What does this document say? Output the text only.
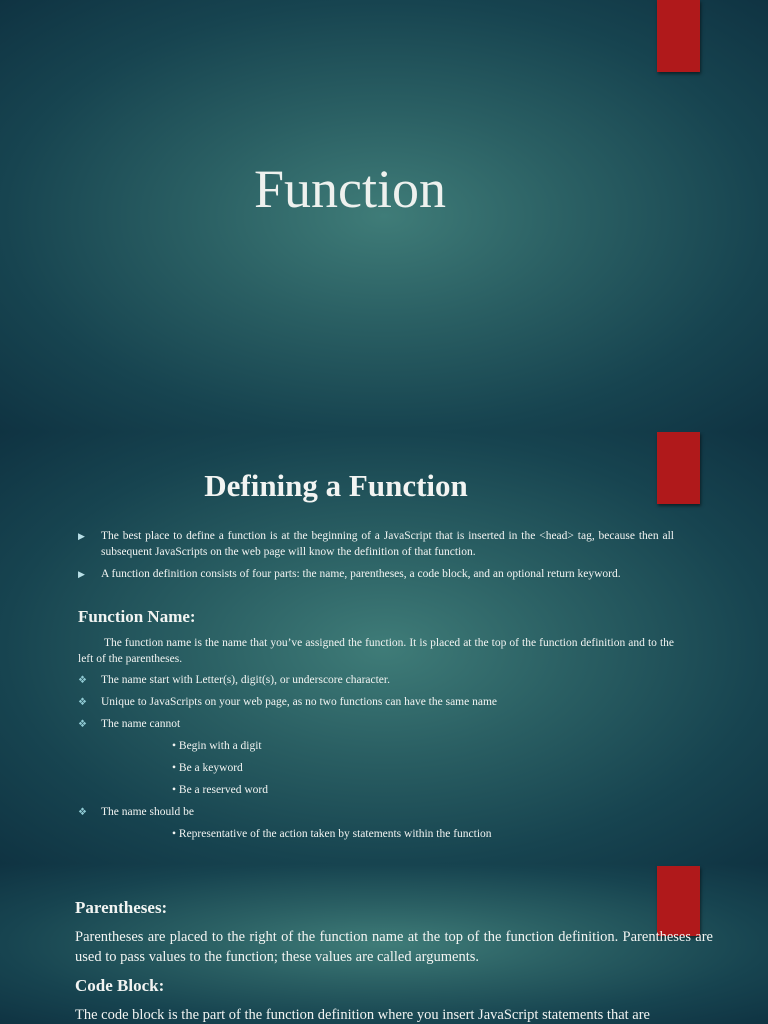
Function
Defining a Function
▶ The best place to define a function is at the beginning of a JavaScript that is inserted in the <head> tag, because then all subsequent JavaScripts on the web page will know the definition of that function.
▶ A function definition consists of four parts: the name, parentheses, a code block, and an optional return keyword.
Function Name:
The function name is the name that you’ve assigned the function. It is placed at the top of the function definition and to the left of the parentheses.
❖ The name start with Letter(s), digit(s), or underscore character.
❖ Unique to JavaScripts on your web page, as no two functions can have the same name
❖ The name cannot
• Begin with a digit
• Be a keyword
• Be a reserved word
❖ The name should be
• Representative of the action taken by statements within the function
Parentheses:
Parentheses are placed to the right of the function name at the top of the function definition. Parentheses are used to pass values to the function; these values are called arguments.
Code Block:
The code block is the part of the function definition where you insert JavaScript statements that are
